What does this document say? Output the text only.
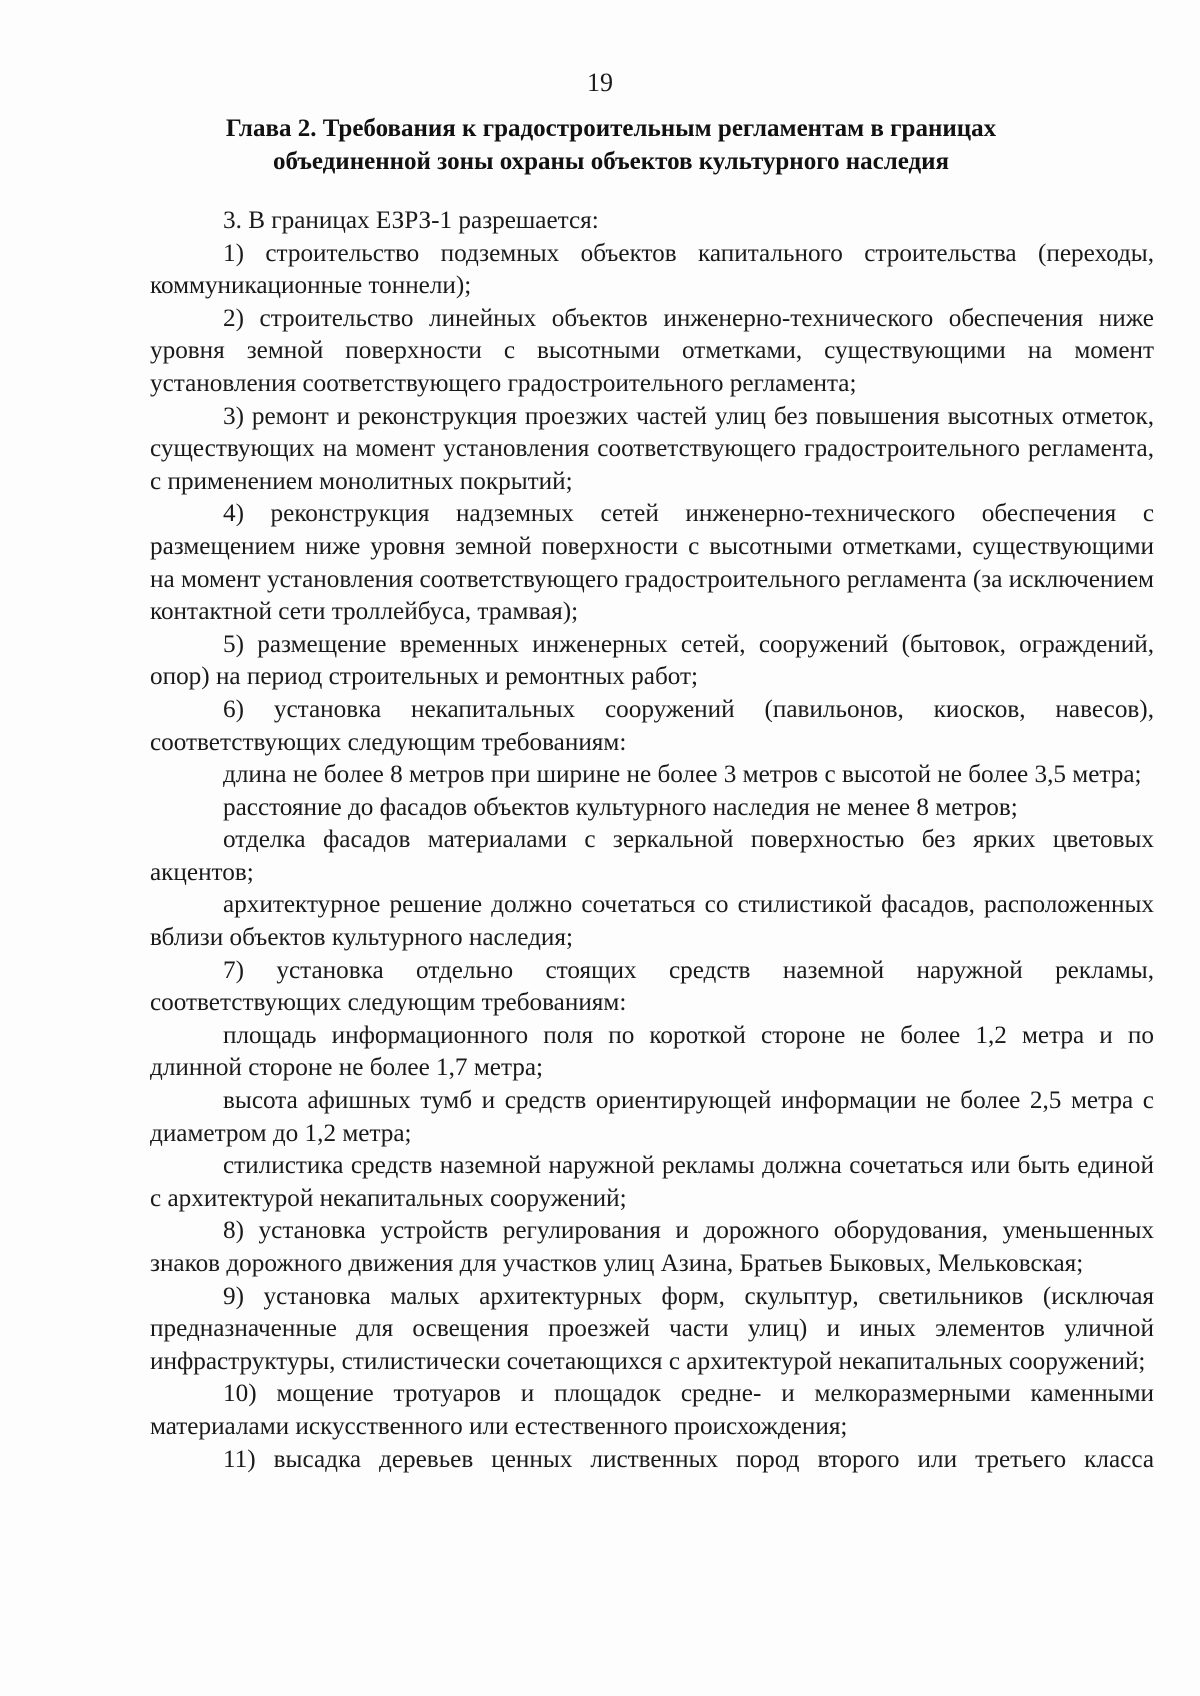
19
Глава 2. Требования к градостроительным регламентам в границах объединенной зоны охраны объектов культурного наследия

3. В границах ЕЗРЗ-1 разрешается:

1) строительство подземных объектов капитального строительства (переходы, коммуникационные тоннели);

2) строительство линейных объектов инженерно-технического обеспечения ниже уровня земной поверхности с высотными отметками, существующими на момент установления соответствующего градостроительного регламента;

3) ремонт и реконструкция проезжих частей улиц без повышения высотных отметок, существующих на момент установления соответствующего градостроительного регламента, с применением монолитных покрытий;

4) реконструкция надземных сетей инженерно-технического обеспечения с размещением ниже уровня земной поверхности с высотными отметками, существующими на момент установления соответствующего градостроительного регламента (за исключением контактной сети троллейбуса, трамвая);

5) размещение временных инженерных сетей, сооружений (бытовок, ограждений, опор) на период строительных и ремонтных работ;

6) установка некапитальных сооружений (павильонов, киосков, навесов), соответствующих следующим требованиям:

длина не более 8 метров при ширине не более 3 метров с высотой не более 3,5 метра;

расстояние до фасадов объектов культурного наследия не менее 8 метров;

отделка фасадов материалами с зеркальной поверхностью без ярких цветовых акцентов;

архитектурное решение должно сочетаться со стилистикой фасадов, расположенных вблизи объектов культурного наследия;

7) установка отдельно стоящих средств наземной наружной рекламы, соответствующих следующим требованиям:

площадь информационного поля по короткой стороне не более 1,2 метра и по длинной стороне не более 1,7 метра;

высота афишных тумб и средств ориентирующей информации не более 2,5 метра с диаметром до 1,2 метра;

стилистика средств наземной наружной рекламы должна сочетаться или быть единой с архитектурой некапитальных сооружений;

8) установка устройств регулирования и дорожного оборудования, уменьшенных знаков дорожного движения для участков улиц Азина, Братьев Быковых, Мельковская;

9) установка малых архитектурных форм, скульптур, светильников (исключая предназначенные для освещения проезжей части улиц) и иных элементов уличной инфраструктуры, стилистически сочетающихся с архитектурой некапитальных сооружений;

10) мощение тротуаров и площадок средне- и мелкоразмерными каменными материалами искусственного или естественного происхождения;

11) высадка деревьев ценных лиственных пород второго или третьего класса
